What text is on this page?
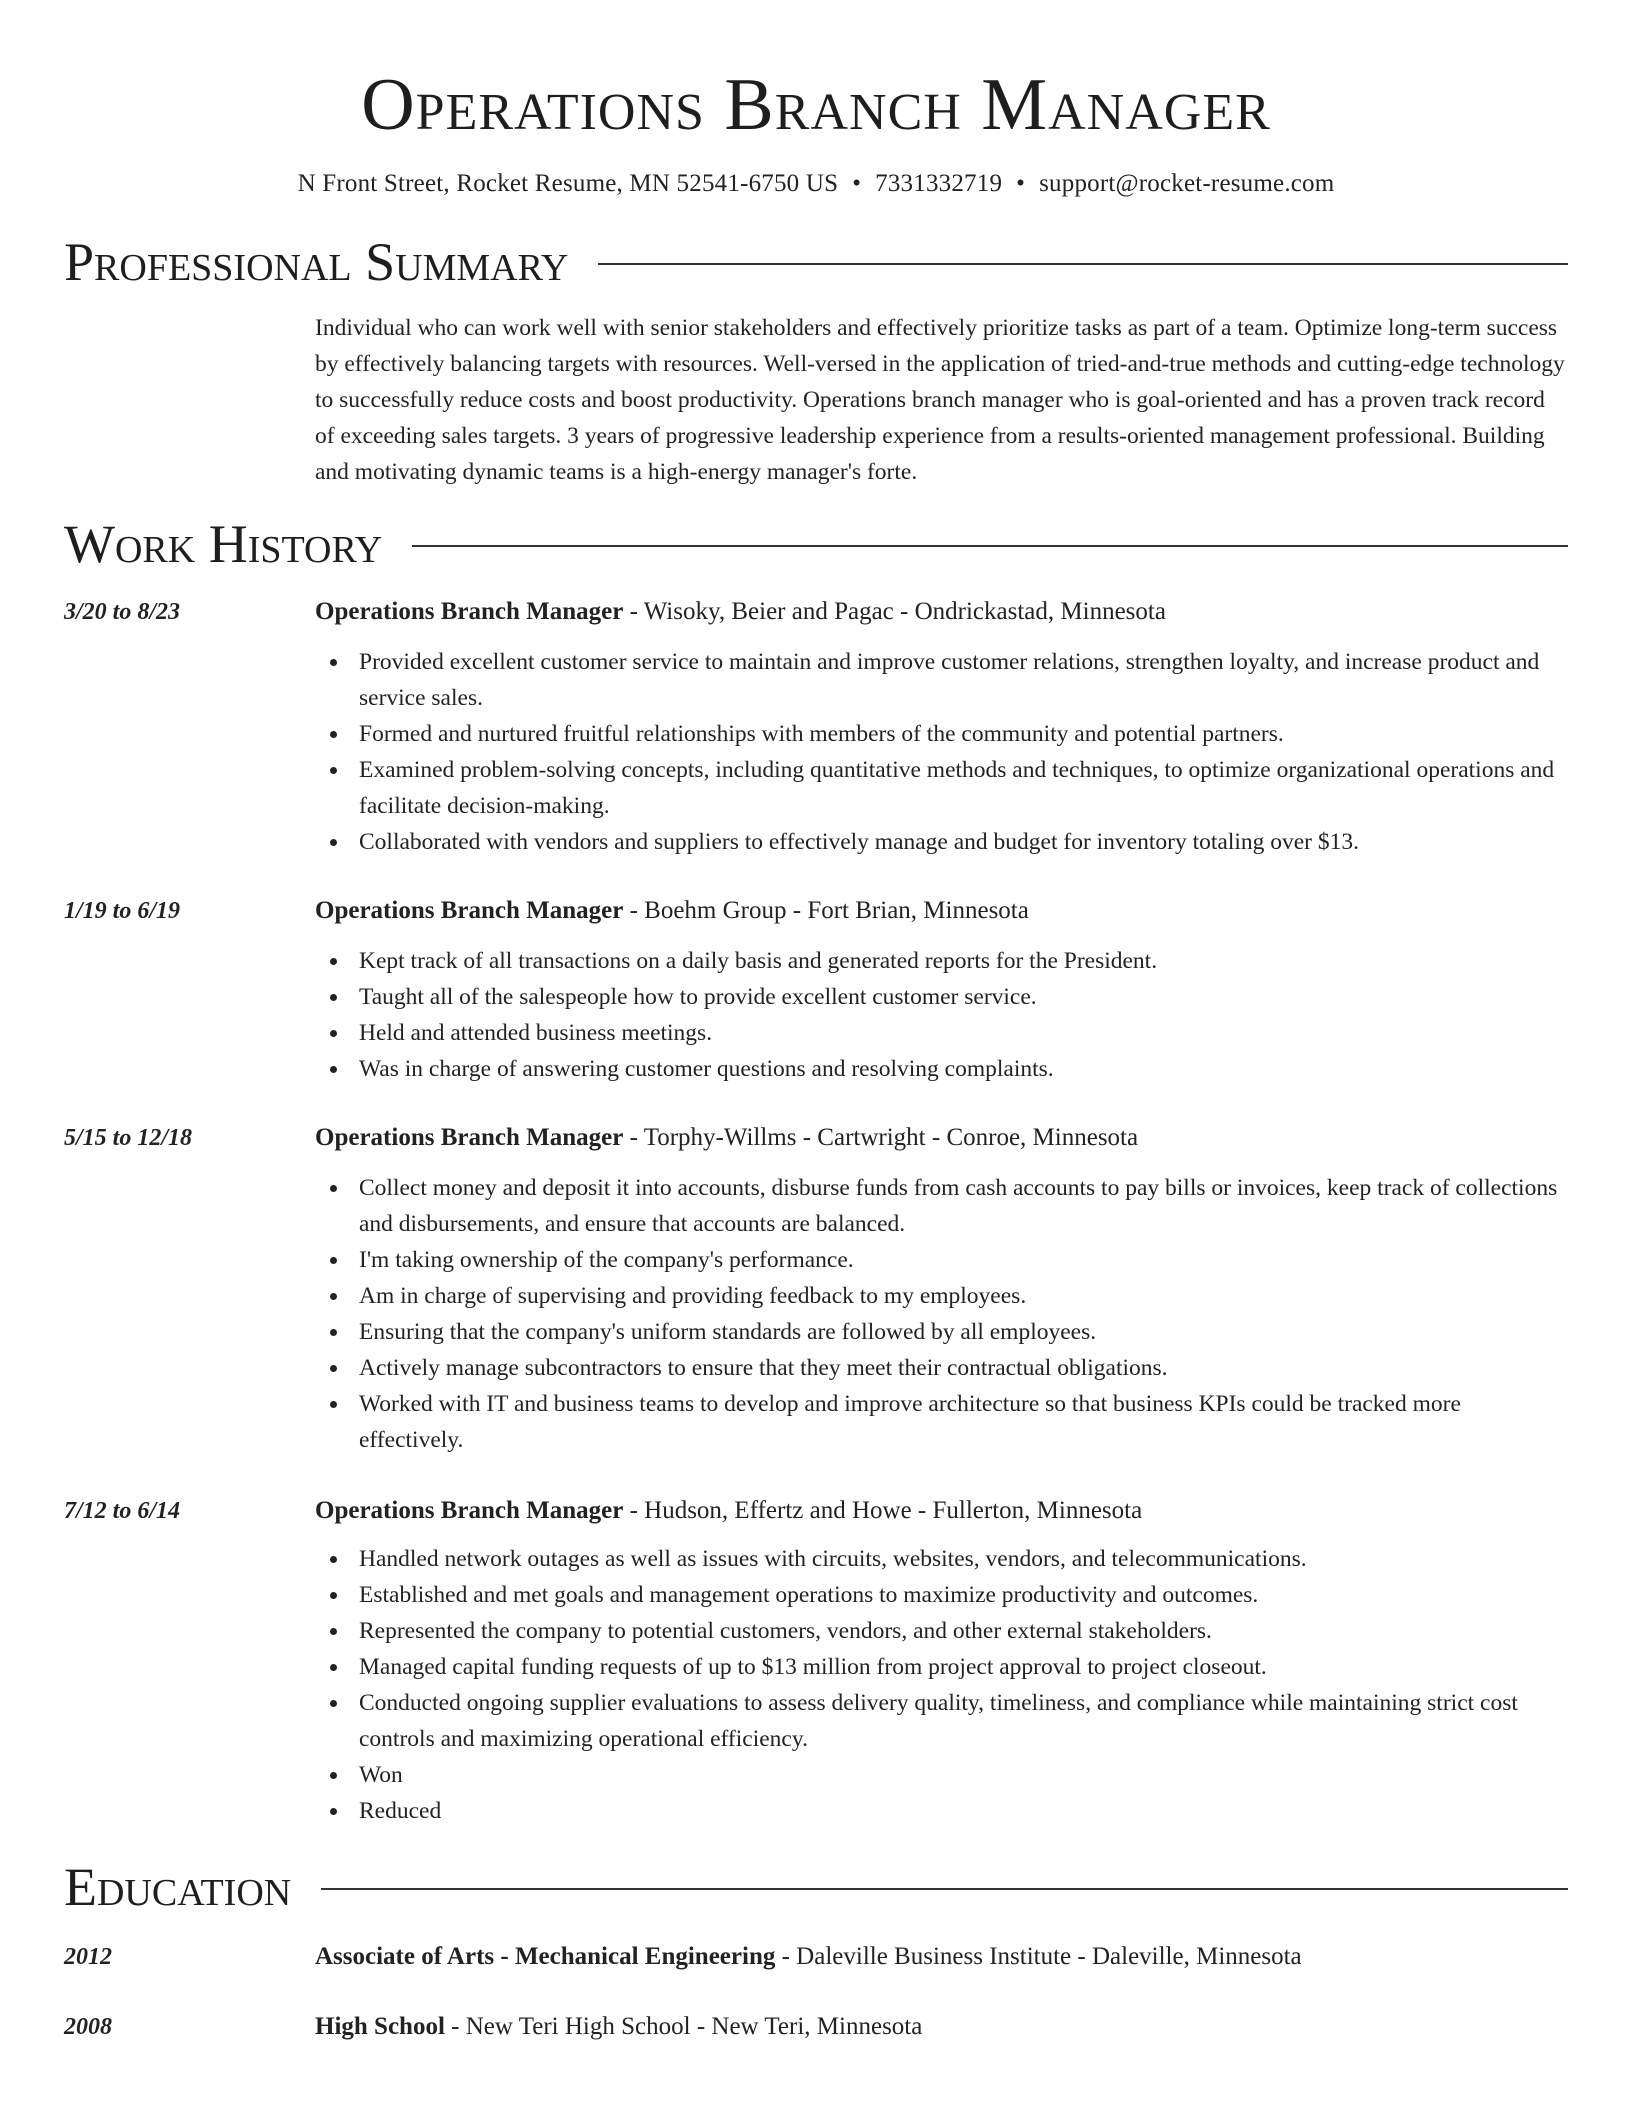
Operations Branch Manager
N Front Street, Rocket Resume, MN 52541-6750 US • 7331332719 • support@rocket-resume.com
Professional Summary

Individual who can work well with senior stakeholders and effectively prioritize tasks as part of a team. Optimize long-term success by effectively balancing targets with resources. Well-versed in the application of tried-and-true methods and cutting-edge technology to successfully reduce costs and boost productivity. Operations branch manager who is goal-oriented and has a proven track record of exceeding sales targets. 3 years of progressive leadership experience from a results-oriented management professional. Building and motivating dynamic teams is a high-energy manager's forte.

Work History
3/20 to 8/23	Operations Branch Manager - Wisoky, Beier and Pagac - Ondrickastad, Minnesota
Provided excellent customer service to maintain and improve customer relations, strengthen loyalty, and increase product and service sales.
Formed and nurtured fruitful relationships with members of the community and potential partners.
Examined problem-solving concepts, including quantitative methods and techniques, to optimize organizational operations and facilitate decision-making.
Collaborated with vendors and suppliers to effectively manage and budget for inventory totaling over $13.
1/19 to 6/19	Operations Branch Manager - Boehm Group - Fort Brian, Minnesota
Kept track of all transactions on a daily basis and generated reports for the President.
Taught all of the salespeople how to provide excellent customer service.
Held and attended business meetings.
Was in charge of answering customer questions and resolving complaints.
5/15 to 12/18	Operations Branch Manager - Torphy-Willms - Cartwright - Conroe, Minnesota
Collect money and deposit it into accounts, disburse funds from cash accounts to pay bills or invoices, keep track of collections and disbursements, and ensure that accounts are balanced.
I'm taking ownership of the company's performance.
Am in charge of supervising and providing feedback to my employees.
Ensuring that the company's uniform standards are followed by all employees.
Actively manage subcontractors to ensure that they meet their contractual obligations.
Worked with IT and business teams to develop and improve architecture so that business KPIs could be tracked more effectively.
7/12 to 6/14	Operations Branch Manager - Hudson, Effertz and Howe - Fullerton, Minnesota
Handled network outages as well as issues with circuits, websites, vendors, and telecommunications.
Established and met goals and management operations to maximize productivity and outcomes.
Represented the company to potential customers, vendors, and other external stakeholders.
Managed capital funding requests of up to $13 million from project approval to project closeout.
Conducted ongoing supplier evaluations to assess delivery quality, timeliness, and compliance while maintaining strict cost controls and maximizing operational efficiency.
Won
Reduced
Education
2012	Associate of Arts - Mechanical Engineering - Daleville Business Institute - Daleville, Minnesota
2008	High School - New Teri High School - New Teri, Minnesota
